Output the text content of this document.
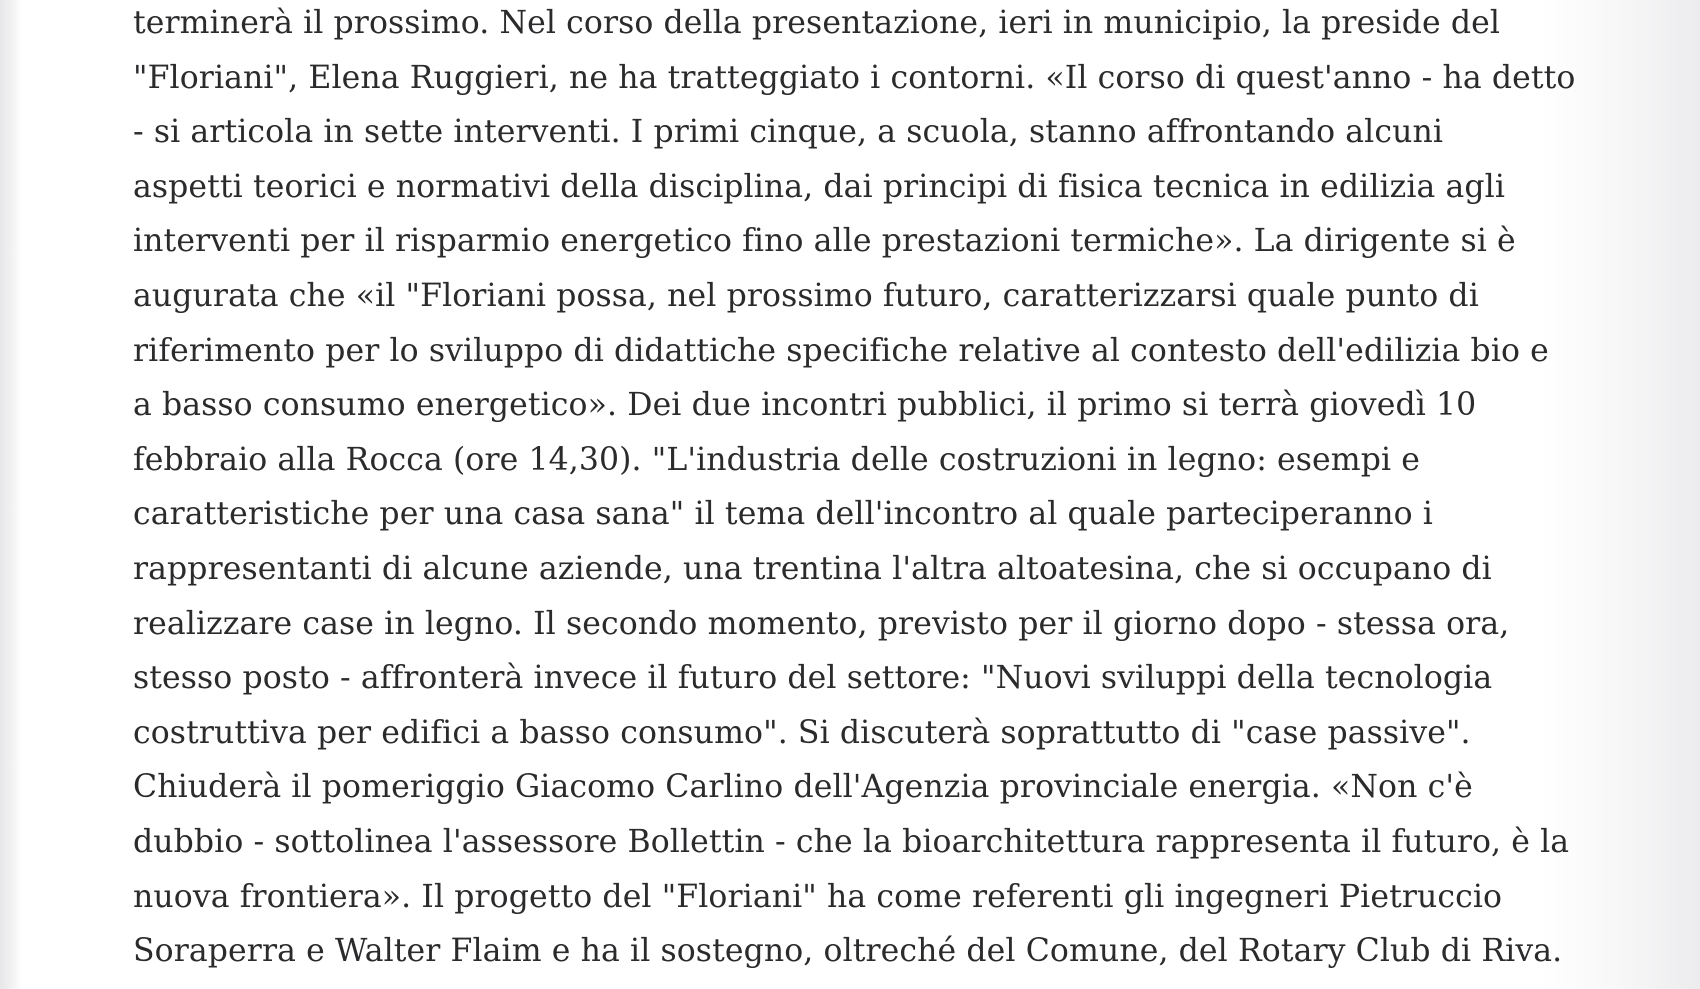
terminerà il prossimo. Nel corso della presentazione, ieri in municipio, la preside del
"Floriani", Elena Ruggieri, ne ha tratteggiato i contorni. «Il corso di quest'anno - ha detto
- si articola in sette interventi. I primi cinque, a scuola, stanno affrontando alcuni
aspetti teorici e normativi della disciplina, dai principi di fisica tecnica in edilizia agli
interventi per il risparmio energetico fino alle prestazioni termiche». La dirigente si è
augurata che «il "Floriani possa, nel prossimo futuro, caratterizzarsi quale punto di
riferimento per lo sviluppo di didattiche specifiche relative al contesto dell'edilizia bio e
a basso consumo energetico». Dei due incontri pubblici, il primo si terrà giovedì 10
febbraio alla Rocca (ore 14,30). "L'industria delle costruzioni in legno: esempi e
caratteristiche per una casa sana" il tema dell'incontro al quale parteciperanno i
rappresentanti di alcune aziende, una trentina l'altra altoatesina, che si occupano di
realizzare case in legno. Il secondo momento, previsto per il giorno dopo - stessa ora,
stesso posto - affronterà invece il futuro del settore: "Nuovi sviluppi della tecnologia
costruttiva per edifici a basso consumo". Si discuterà soprattutto di "case passive".
Chiuderà il pomeriggio Giacomo Carlino dell'Agenzia provinciale energia. «Non c'è
dubbio - sottolinea l'assessore Bollettin - che la bioarchitettura rappresenta il futuro, è la
nuova frontiera». Il progetto del "Floriani" ha come referenti gli ingegneri Pietruccio
Soraperra e Walter Flaim e ha il sostegno, oltreché del Comune, del Rotary Club di Riva.
